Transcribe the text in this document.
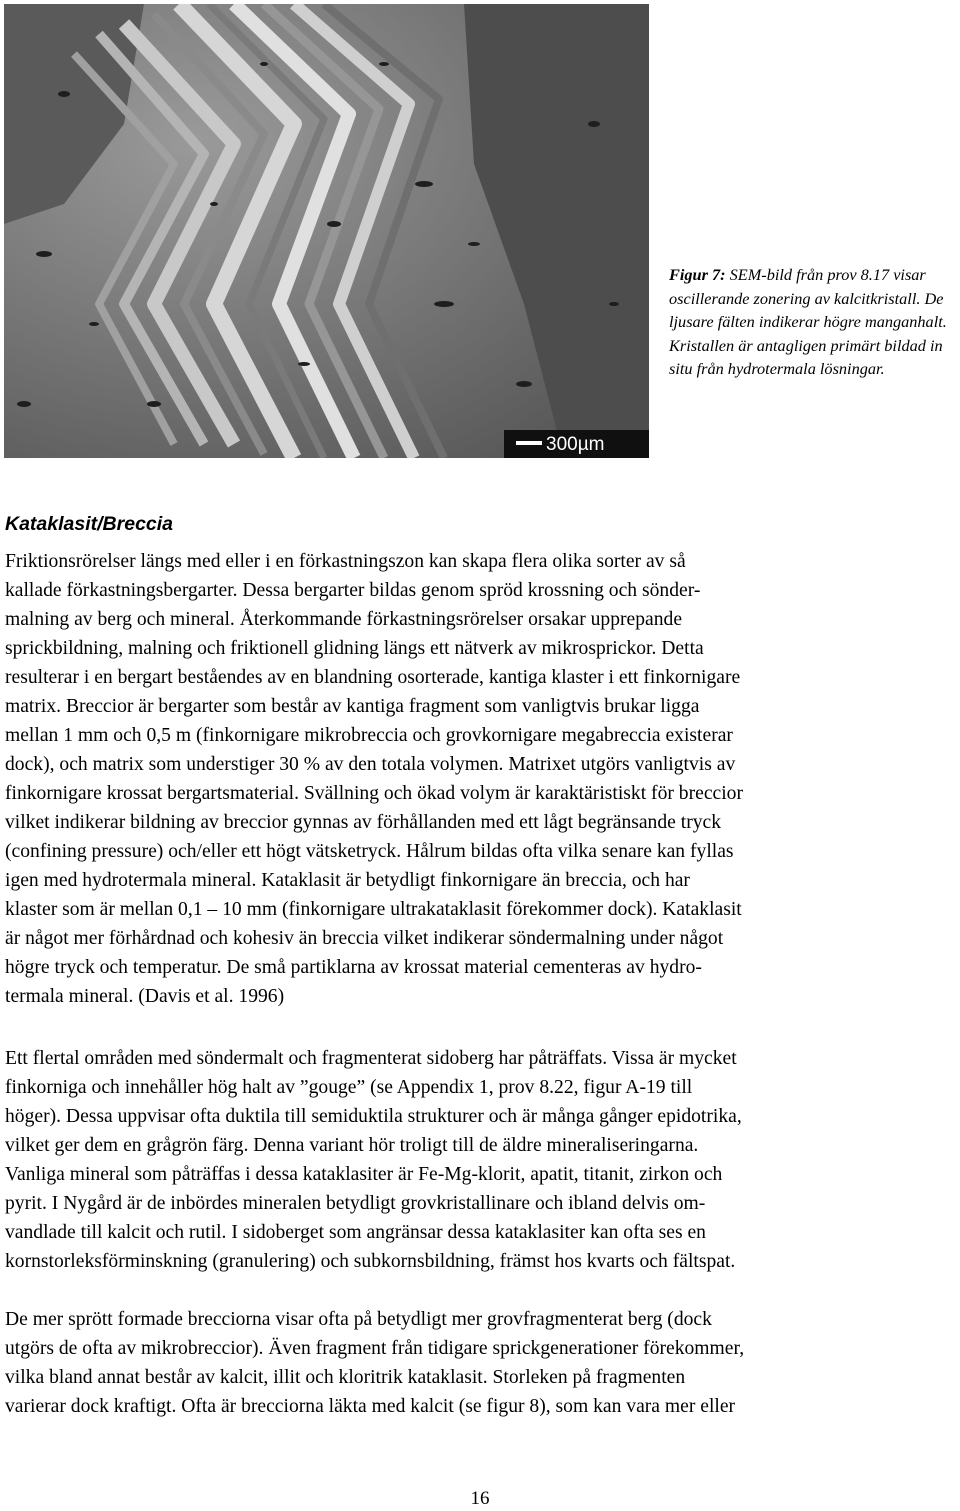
300µm
Figur 7: SEM-bild från prov 8.17 visar oscillerande zonering av kalcitkristall. De ljusare fälten indikerar högre manganhalt. Kristallen är antagligen primärt bildad in situ från hydrotermala lösningar.
Kataklasit/Breccia

Friktionsrörelser längs med eller i en förkastningszon kan skapa flera olika sorter av så
kallade förkastningsbergarter. Dessa bergarter bildas genom spröd krossning och sönder-
malning av berg och mineral. Återkommande förkastningsrörelser orsakar upprepande
sprickbildning, malning och friktionell glidning längs ett nätverk av mikrosprickor. Detta
resulterar i en bergart beståendes av en blandning osorterade, kantiga klaster i ett finkornigare
matrix. Breccior är bergarter som består av kantiga fragment som vanligtvis brukar ligga
mellan 1 mm och 0,5 m (finkornigare mikrobreccia och grovkornigare megabreccia existerar
dock), och matrix som understiger 30 % av den totala volymen. Matrixet utgörs vanligtvis av
finkornigare krossat bergartsmaterial. Svällning och ökad volym är karaktäristiskt för breccior
vilket indikerar bildning av breccior gynnas av förhållanden med ett lågt begränsande tryck
(confining pressure) och/eller ett högt vätsketryck. Hålrum bildas ofta vilka senare kan fyllas
igen med hydrotermala mineral. Kataklasit är betydligt finkornigare än breccia, och har
klaster som är mellan 0,1 – 10 mm (finkornigare ultrakataklasit förekommer dock). Kataklasit
är något mer förhårdnad och kohesiv än breccia vilket indikerar söndermalning under något
högre tryck och temperatur. De små partiklarna av krossat material cementeras av hydro-
termala mineral. (Davis et al. 1996)

Ett flertal områden med söndermalt och fragmenterat sidoberg har påträffats. Vissa är mycket
finkorniga och innehåller hög halt av ”gouge” (se Appendix 1, prov 8.22, figur A-19 till
höger). Dessa uppvisar ofta duktila till semiduktila strukturer och är många gånger epidotrika,
vilket ger dem en grågrön färg. Denna variant hör troligt till de äldre mineraliseringarna.
Vanliga mineral som påträffas i dessa kataklasiter är Fe-Mg-klorit, apatit, titanit, zirkon och
pyrit. I Nygård är de inbördes mineralen betydligt grovkristallinare och ibland delvis om-
vandlade till kalcit och rutil. I sidoberget som angränsar dessa kataklasiter kan ofta ses en
kornstorleksförminskning (granulering) och subkornsbildning, främst hos kvarts och fältspat.

De mer sprött formade brecciorna visar ofta på betydligt mer grovfragmenterat berg (dock
utgörs de ofta av mikrobreccior). Även fragment från tidigare sprickgenerationer förekommer,
vilka bland annat består av kalcit, illit och kloritrik kataklasit. Storleken på fragmenten
varierar dock kraftigt. Ofta är brecciorna läkta med kalcit (se figur 8), som kan vara mer eller

16
